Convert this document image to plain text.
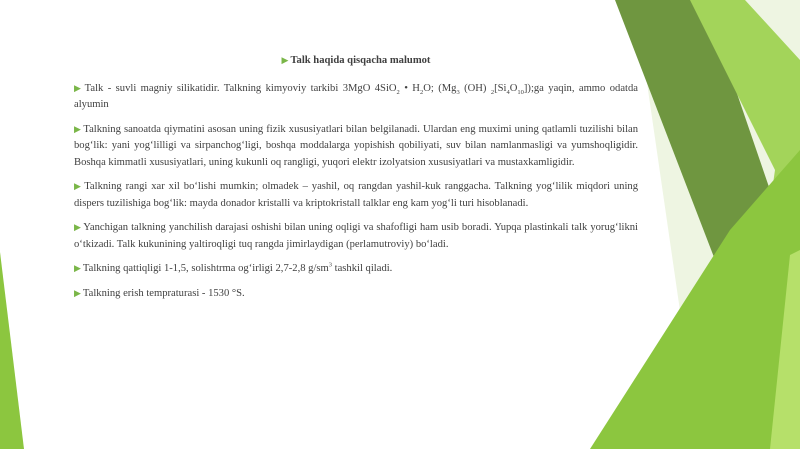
▶ Talk haqida qisqacha malumot
▶ Talk - suvli magniy silikatidir. Talkning kimyoviy tarkibi 3MgO 4SiO$_2$ • $H_2O$; ($Mg_3$ (OH) $_2[Si_4O_{10}]);ga$ yaqin, ammo odatda alyumin
▶ Talkning sanoatda qiymatini asosan uning fizik xususiyatlari bilan belgilanadi. Ulardan eng muximi uning qatlamli tuzilishi bilan bogʻlik: yani yogʻlilligi va sirpanchogʻligi, boshqa moddalarga yopishish qobiliyati, suv bilan namlanmasligi va yumshoqligidir. Boshqa kimmatli xususiyatlari, uning kukunli oq rangligi, yuqori elektr izolyatsion xususiyatlari va mustaxkamligidir.
▶ Talkning rangi xar xil boʻlishi mumkin; olmadek – yashil, oq rangdan yashil-kuk ranggacha. Talkning yogʻlilik miqdori uning dispers tuzilishiga bogʻlik: mayda donador kristalli va kriptokristall talklar eng kam yogʻli turi hisoblanadi.
▶ Yanchigan talkning yanchilish darajasi oshishi bilan uning oqligi va shafofligi ham usib boradi. Yupqa plastinkali talk yorugʻlikni oʻtkizadi. Talk kukunining yaltiroqligi tuq rangda jimirlaydigan (perlamutroviy) boʻladi.
▶ Talkning qattiqligi 1-1,5, solishtrma ogʻirligi 2,7-2,8 $g/sm^3$ tashkil qiladi.
▶ Talkning erish tempraturasi - 1530 °S.
